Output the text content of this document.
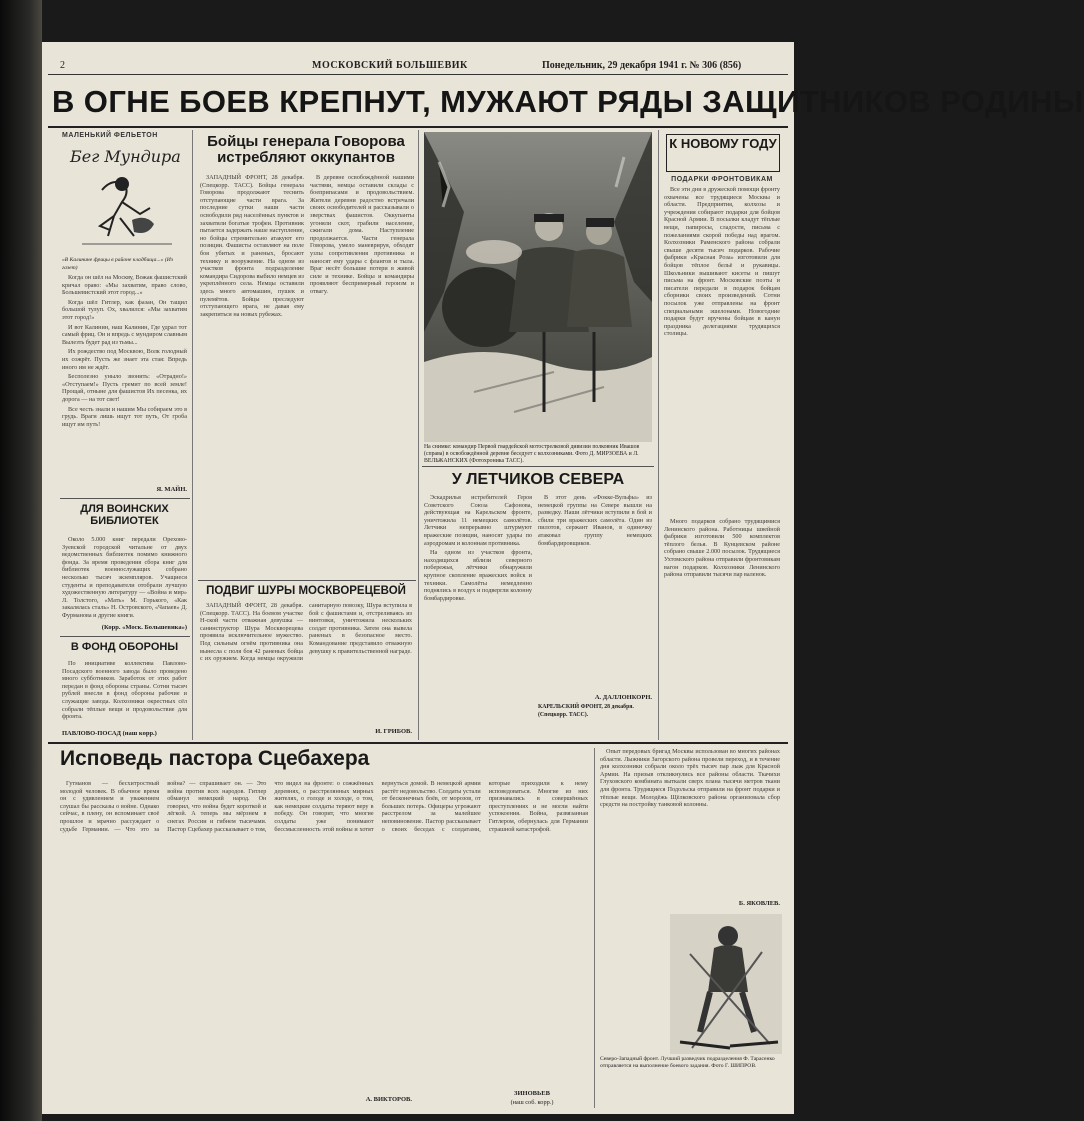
2	МОСКОВСКИЙ БОЛЬШЕВИК	Понедельник, 29 декабря 1941 г. № 306 (856)
В ОГНЕ БОЕВ КРЕПНУТ, МУЖАЮТ РЯДЫ ЗАЩИТНИКОВ РОДИНЫ
МАЛЕНЬКИЙ ФЕЛЬЕТОН
Бег Мундира
«В Калинине фрицы в районе кладбища...» (Из газет)

Когда он шёл на Москву, Вожак фашистский кричал ораво: «Мы захватим, право слово, Большевистский этот город...»

Когда шёл Гитлер, как фазан, Он тащил большой тулуп. Ох, хвалился: «Мы захватим этот город!»

И вот Калинин, наш Калинин, Где удрал тот самый фриц. Он и впредь с мундиром славным Вылезть будет рад из тьмы...

Их рождество под Москвою, Волк голодный их сожрёт. Пусть же знает эта стая: Впредь иного им не ждёт.

Бесполезно уныло звонить: «Отрадно!» «Отступаем!» Пусть гремит по всей земле! Прощай, отныне для фашистов Их песенка, их дорога — на тот свет!

Все честь знали и нашим Мы собираем это в грудь. Враги лишь ищут тот путь, От гроба ищут им путь!

Я. МАЙН.
ДЛЯ ВОИНСКИХ БИБЛИОТЕК

Около 5.000 книг передали Орехово-Зуевской городской читальне от двух ведомственных библиотек помимо книжного фонда. За время проведения сбора книг для библиотек военнослужащих собрано несколько тысяч экземпляров. Учащиеся студенты и преподаватели отобрали лучшую художественную литературу — «Война и мир» Л. Толстого, «Мать» М. Горького, «Как закалялась сталь» Н. Островского, «Чапаев» Д. Фурманова и другие книги.

(Корр. «Моск. Большевика»)
В ФОНД ОБОРОНЫ

По инициативе коллектива Павлово-Посадского военного завода было проведено много субботников. Заработок от этих работ передан в фонд обороны страны. Сотни тысяч рублей внесли в фонд обороны рабочие и служащие завода. Колхозники окрестных сёл собрали тёплые вещи и продовольствие для фронта.

ПАВЛОВО-ПОСАД (наш корр.)
Бойцы генерала Говорова истребляют оккупантов

ЗАПАДНЫЙ ФРОНТ, 28 декабря. (Спецкорр. ТАСС). Бойцы генерала Говорова продолжают теснить отступающие части врага. За последние сутки наши части освободили ряд населённых пунктов и захватили богатые трофеи. Противник пытается задержать наше наступление, но бойцы стремительно атакуют его позиции. Фашисты оставляют на поле боя убитых и раненых, бросают технику и вооружение. На одном из участков фронта подразделение командира Сидорова выбило немцев из укреплённого села. Немцы оставили здесь много автомашин, пушек и пулемётов. Бойцы преследуют отступающего врага, не давая ему закрепиться на новых рубежах.

В деревне освобождённой нашими частями, немцы оставили склады с боеприпасами и продовольствием. Жители деревни радостно встречали своих освободителей и рассказывали о зверствах фашистов. Оккупанты угоняли скот, грабили население, сжигали дома. Наступление продолжается. Части генерала Говорова, умело маневрируя, обходят узлы сопротивления противника и наносят ему удары с флангов и тыла. Враг несёт большие потери в живой силе и технике. Бойцы и командиры проявляют беспримерный героизм и отвагу.

ПОДВИГ ШУРЫ МОСКВОРЕЦЕВОЙ

ЗАПАДНЫЙ ФРОНТ, 28 декабря. (Спецкорр. ТАСС). На боевом участке Н-ской части отважная девушка — санинструктор Шура Москворецева проявила исключительное мужество. Под сильным огнём противника она вынесла с поля боя 42 раненых бойца с их оружием. Когда немцы окружили санитарную повозку, Шура вступила в бой с фашистами и, отстреливаясь из винтовки, уничтожила нескольких солдат противника. Затем она вывела раненых в безопасное место. Командование представило отважную девушку к правительственной награде.

И. ГРИБОВ.
На снимке: командир Первой гвардейской мотострелковой дивизии полковник Ивашов (справа) в освобождённой деревне беседует с колхозниками. Фото Д. МИРЗОЕВА и Л. ВЕЛЬЖАНСКИХ (Фотохроника ТАСС).
У ЛЕТЧИКОВ СЕВЕРА

Эскадрилья истребителей Героя Советского Союза Сафонова, действующая на Карельском фронте, уничтожила 11 немецких самолётов. Летчики непрерывно штурмуют вражеские позиции, наносят удары по аэродромам и колоннам противника.

На одном из участков фронта, находящихся вблизи северного побережья, лётчики обнаружили крупное скопление вражеских войск и техники. Самолёты немедленно поднялись в воздух и подвергли колонну бомбардировке.

В этот день «Фокке-Вульфы» из немецкой группы на Севере вышли на разведку. Наши лётчики вступили в бой и сбили три вражеских самолёта. Один из пилотов, сержант Иванов, в одиночку атаковал группу немецких бомбардировщиков.

А. ДАЛЛОНКОРН.
КАРЕЛЬСКИЙ ФРОНТ, 28 декабря. (Спецкорр. ТАСС).
К НОВОМУ ГОДУ
ПОДАРКИ ФРОНТОВИКАМ

Все эти дни в дружеской помощи фронту охвачены все трудящиеся Москвы и области. Предприятия, колхозы и учреждения собирают подарки для бойцов Красной Армии. В посылки кладут тёплые вещи, папиросы, сладости, письма с пожеланиями скорой победы над врагом. Колхозники Раменского района собрали свыше десяти тысяч подарков. Рабочие фабрики «Красная Роза» изготовили для бойцов тёплое бельё и рукавицы. Школьники вышивают кисеты и пишут письма на фронт. Московские поэты и писатели передали в подарок бойцам сборники своих произведений. Сотни посылок уже отправлены на фронт специальными эшелонами. Новогодние подарки будут вручены бойцам в канун праздника делегациями трудящихся столицы.

Много подарков собрано трудящимися Ленинского района. Работницы швейной фабрики изготовили 500 комплектов тёплого белья. В Кунцевском районе собрано свыше 2.000 посылок. Трудящиеся Ухтомского района отправили фронтовикам вагон подарков. Колхозники Ленинского района отправили тысячи пар валенок.

Исповедь пастора Сцебахера

Гутманов — бесхитростный молодой человек. В обычное время он с удивлением и уважением слушал бы рассказы о войне. Однако сейчас, в плену, он вспоминает своё прошлое и мрачно рассуждает о судьбе Германии. — Что это за война? — спрашивает он. — Это война против всех народов. Гитлер обманул немецкий народ. Он говорил, что война будет короткой и лёгкой. А теперь мы мёрзнем в снегах России и гибнем тысячами. Пастор Сцебахер рассказывает о том, что видел на фронте: о сожжённых деревнях, о расстрелянных мирных жителях, о голоде и холоде, о том, как немецкие солдаты теряют веру в победу. Он говорит, что многие солдаты уже понимают бессмысленность этой войны и хотят вернуться домой. В немецкой армии растёт недовольство. Солдаты устали от бесконечных боёв, от морозов, от больших потерь. Офицеры угрожают расстрелом за малейшее неповиновение. Пастор рассказывает о своих беседах с солдатами, которые приходили к нему исповедоваться. Многие из них признавались в совершённых преступлениях и не могли найти успокоения. Война, развязанная Гитлером, обернулась для Германии страшной катастрофой.

А. ВИКТОРОВ.

Опыт передовых бригад Москвы использован во многих районах области. Лыжники Загорского района провели переход, и в течение дня колхозники собрали около трёх тысяч пар лыж для Красной Армии. На призыв откликнулись все районы области. Ткачихи Глуховского комбината выткали сверх плана тысячи метров ткани для фронта. Трудящиеся Подольска отправили на фронт подарки и тёплые вещи. Молодёжь Щёлковского района организовала сбор средств на постройку танковой колонны.

Б. ЯКОВЛЕВ.
Северо-Западный фронт. Лучший разведчик подразделения Ф. Тарасенко отправляется на выполнение боевого задания. Фото Г. ШИПРОВ.
ЗИНОВЬЕВ
(наш соб. корр.)
